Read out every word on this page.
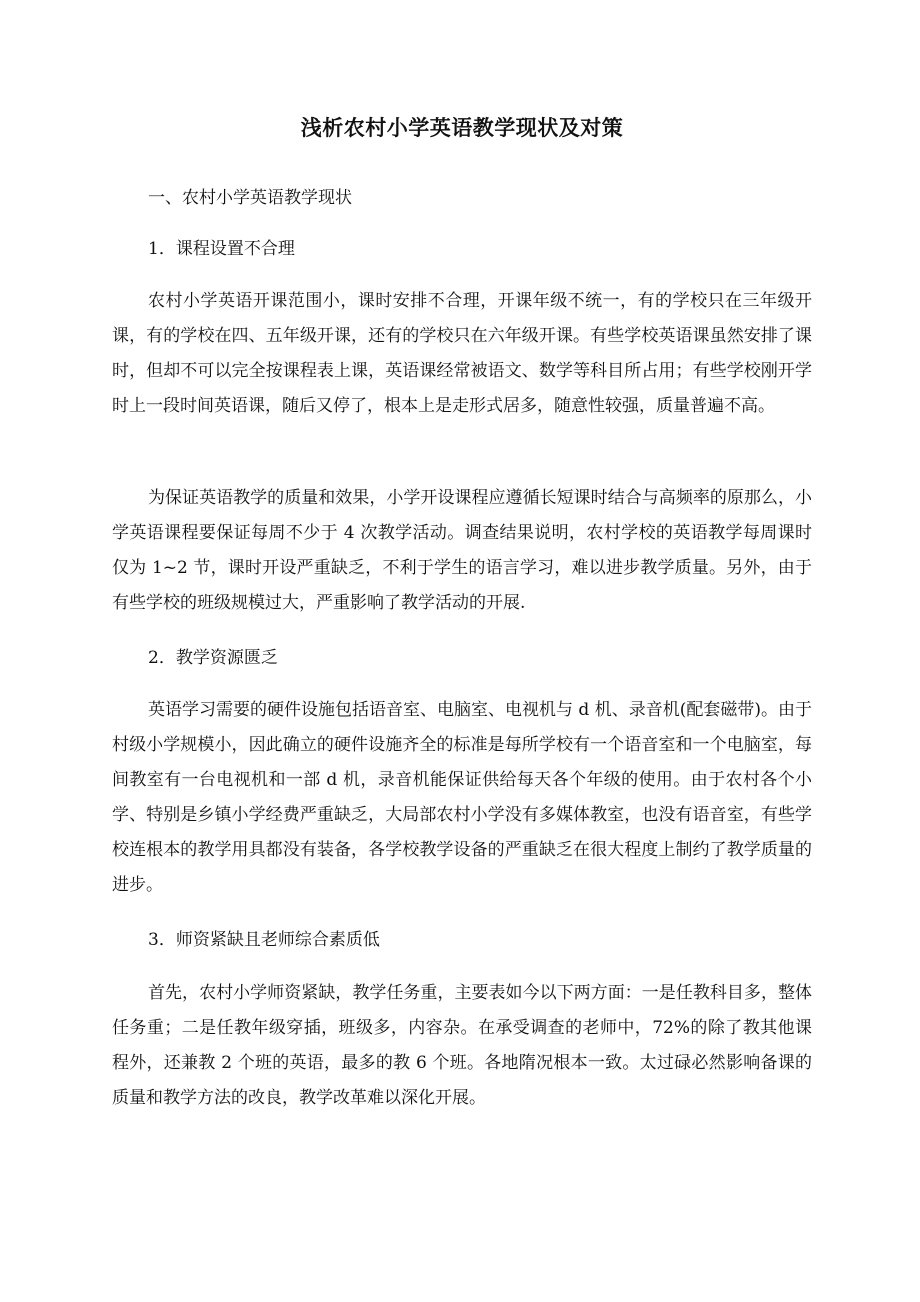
浅析农村小学英语教学现状及对策

一、农村小学英语教学现状

1．课程设置不合理

农村小学英语开课范围小，课时安排不合理，开课年级不统一，有的学校只在三年级开课，有的学校在四、五年级开课，还有的学校只在六年级开课。有些学校英语课虽然安排了课时，但却不可以完全按课程表上课，英语课经常被语文、数学等科目所占用；有些学校刚开学时上一段时间英语课，随后又停了，根本上是走形式居多，随意性较强，质量普遍不高。

为保证英语教学的质量和效果，小学开设课程应遵循长短课时结合与高频率的原那么，小学英语课程要保证每周不少于 4 次教学活动。调查结果说明，农村学校的英语教学每周课时仅为 1~2 节，课时开设严重缺乏，不利于学生的语言学习，难以进步教学质量。另外，由于有些学校的班级规模过大，严重影响了教学活动的开展.

2．教学资源匮乏

英语学习需要的硬件设施包括语音室、电脑室、电视机与 d 机、录音机(配套磁带)。由于村级小学规模小，因此确立的硬件设施齐全的标准是每所学校有一个语音室和一个电脑室，每间教室有一台电视机和一部 d 机，录音机能保证供给每天各个年级的使用。由于农村各个小学、特别是乡镇小学经费严重缺乏，大局部农村小学没有多媒体教室，也没有语音室，有些学校连根本的教学用具都没有装备，各学校教学设备的严重缺乏在很大程度上制约了教学质量的进步。

3．师资紧缺且老师综合素质低

首先，农村小学师资紧缺，教学任务重，主要表如今以下两方面：一是任教科目多，整体任务重；二是任教年级穿插，班级多，内容杂。在承受调查的老师中，72%的除了教其他课程外，还兼教 2 个班的英语，最多的教 6 个班。各地隋况根本一致。太过碌必然影响备课的质量和教学方法的改良，教学改革难以深化开展。
